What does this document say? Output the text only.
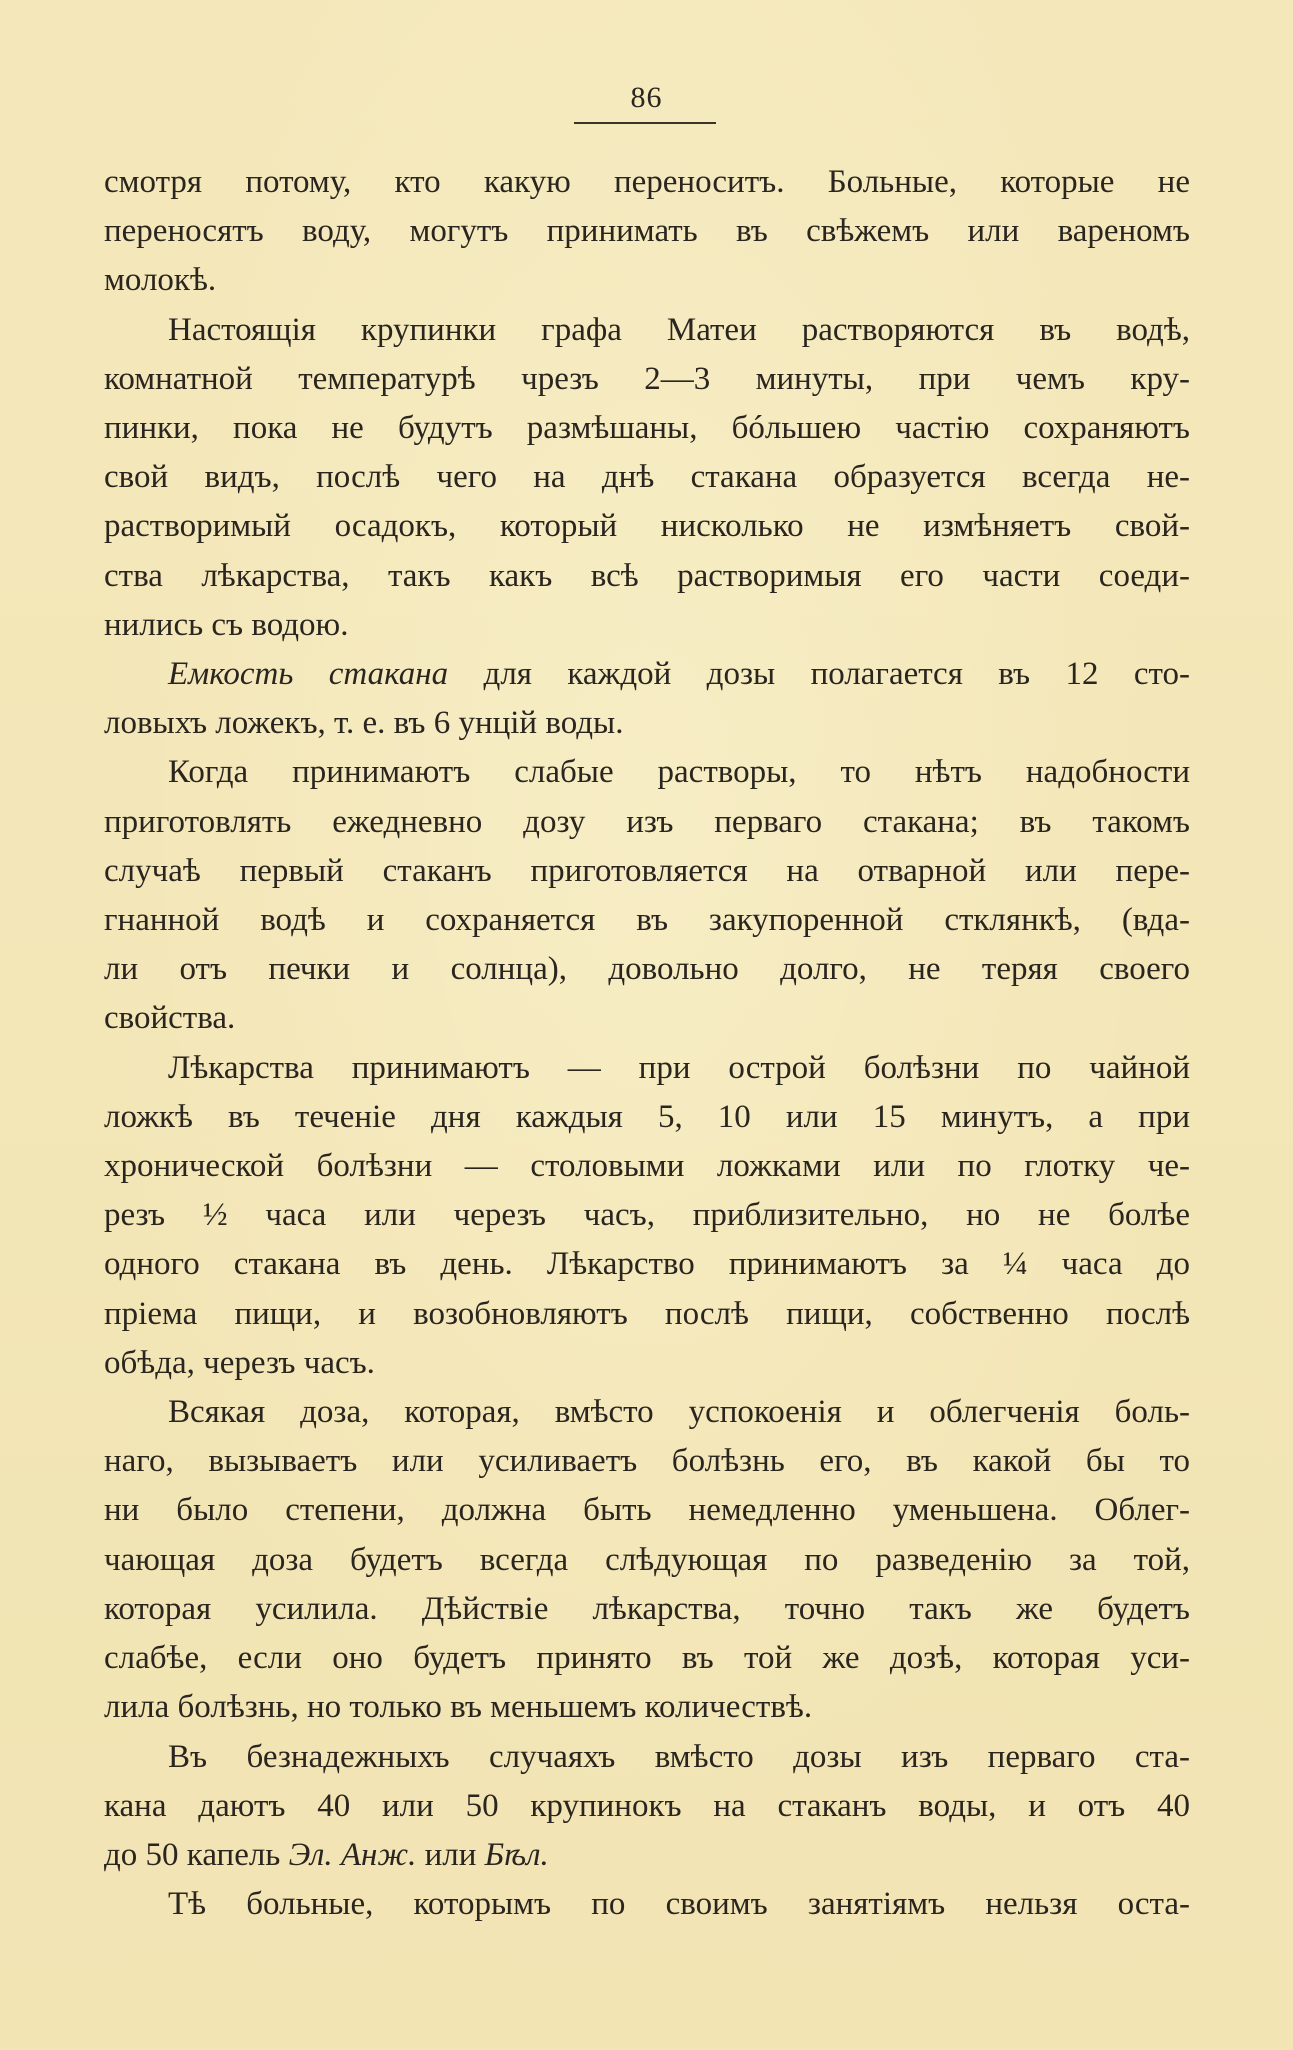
86
смотря потому, кто какую переноситъ. Больные, которые не
переносятъ воду, могутъ принимать въ свѣжемъ или вареномъ
молокѣ.
Настоящія крупинки графа Матеи растворяются въ водѣ,
комнатной температурѣ чрезъ 2—3 минуты, при чемъ кру-
пинки, пока не будутъ размѣшаны, бóльшею частію сохраняютъ
свой видъ, послѣ чего на днѣ стакана образуется всегда не-
растворимый осадокъ, который нисколько не измѣняетъ свой-
ства лѣкарства, такъ какъ всѣ растворимыя его части соеди-
нились съ водою.
Емкость стакана для каждой дозы полагается въ 12 сто-
ловыхъ ложекъ, т. е. въ 6 унцій воды.
Когда принимаютъ слабые растворы, то нѣтъ надобности
приготовлять ежедневно дозу изъ перваго стакана; въ такомъ
случаѣ первый стаканъ приготовляется на отварной или пере-
гнанной водѣ и сохраняется въ закупоренной стклянкѣ, (вда-
ли отъ печки и солнца), довольно долго, не теряя своего
свойства.
Лѣкарства принимаютъ — при острой болѣзни по чайной
ложкѣ въ теченіе дня каждыя 5, 10 или 15 минутъ, а при
хронической болѣзни — столовыми ложками или по глотку че-
резъ ½ часа или черезъ часъ, приблизительно, но не болѣе
одного стакана въ день. Лѣкарство принимаютъ за ¼ часа до
пріема пищи, и возобновляютъ послѣ пищи, собственно послѣ
обѣда, черезъ часъ.
Всякая доза, которая, вмѣсто успокоенія и облегченія боль-
наго, вызываетъ или усиливаетъ болѣзнь его, въ какой бы то
ни было степени, должна быть немедленно уменьшена. Облег-
чающая доза будетъ всегда слѣдующая по разведенію за той,
которая усилила. Дѣйствіе лѣкарства, точно такъ же будетъ
слабѣе, если оно будетъ принято въ той же дозѣ, которая уси-
лила болѣзнь, но только въ меньшемъ количествѣ.
Въ безнадежныхъ случаяхъ вмѣсто дозы изъ перваго ста-
кана даютъ 40 или 50 крупинокъ на стаканъ воды, и отъ 40
до 50 капель Эл. Анж. или Бѣл.
Тѣ больные, которымъ по своимъ занятіямъ нельзя оста-
